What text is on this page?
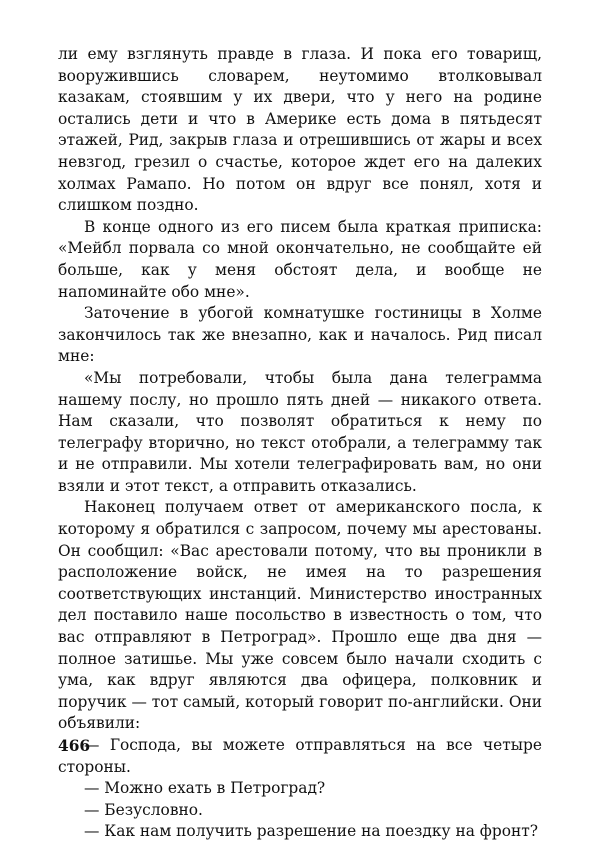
ли ему взглянуть правде в глаза. И пока его товарищ, вооружившись словарем, неутомимо втолковывал казакам, стоявшим у их двери, что у него на родине остались дети и что в Америке есть дома в пятьдесят этажей, Рид, закрыв глаза и отрешившись от жары и всех невзгод, грезил о счастье, которое ждет его на далеких холмах Рамапо. Но потом он вдруг все понял, хотя и слишком поздно.

В конце одного из его писем была краткая приписка: «Мейбл порвала со мной окончательно, не сообщайте ей больше, как у меня обстоят дела, и вообще не напоминайте обо мне».

Заточение в убогой комнатушке гостиницы в Холме закончилось так же внезапно, как и началось. Рид писал мне:

«Мы потребовали, чтобы была дана телеграмма нашему послу, но прошло пять дней — никакого ответа. Нам сказали, что позволят обратиться к нему по телеграфу вторично, но текст отобрали, а телеграмму так и не отправили. Мы хотели телеграфировать вам, но они взяли и этот текст, а отправить отказались.

Наконец получаем ответ от американского посла, к которому я обратился с запросом, почему мы арестованы. Он сообщил: «Вас арестовали потому, что вы проникли в расположение войск, не имея на то разрешения соответствующих инстанций. Министерство иностранных дел поставило наше посольство в известность о том, что вас отправляют в Петроград». Прошло еще два дня — полное затишье. Мы уже совсем было начали сходить с ума, как вдруг являются два офицера, полковник и поручик — тот самый, который говорит по-английски. Они объявили:

— Господа, вы можете отправляться на все четыре стороны.

— Можно ехать в Петроград?

— Безусловно.

— Как нам получить разрешение на поездку на фронт?

466
